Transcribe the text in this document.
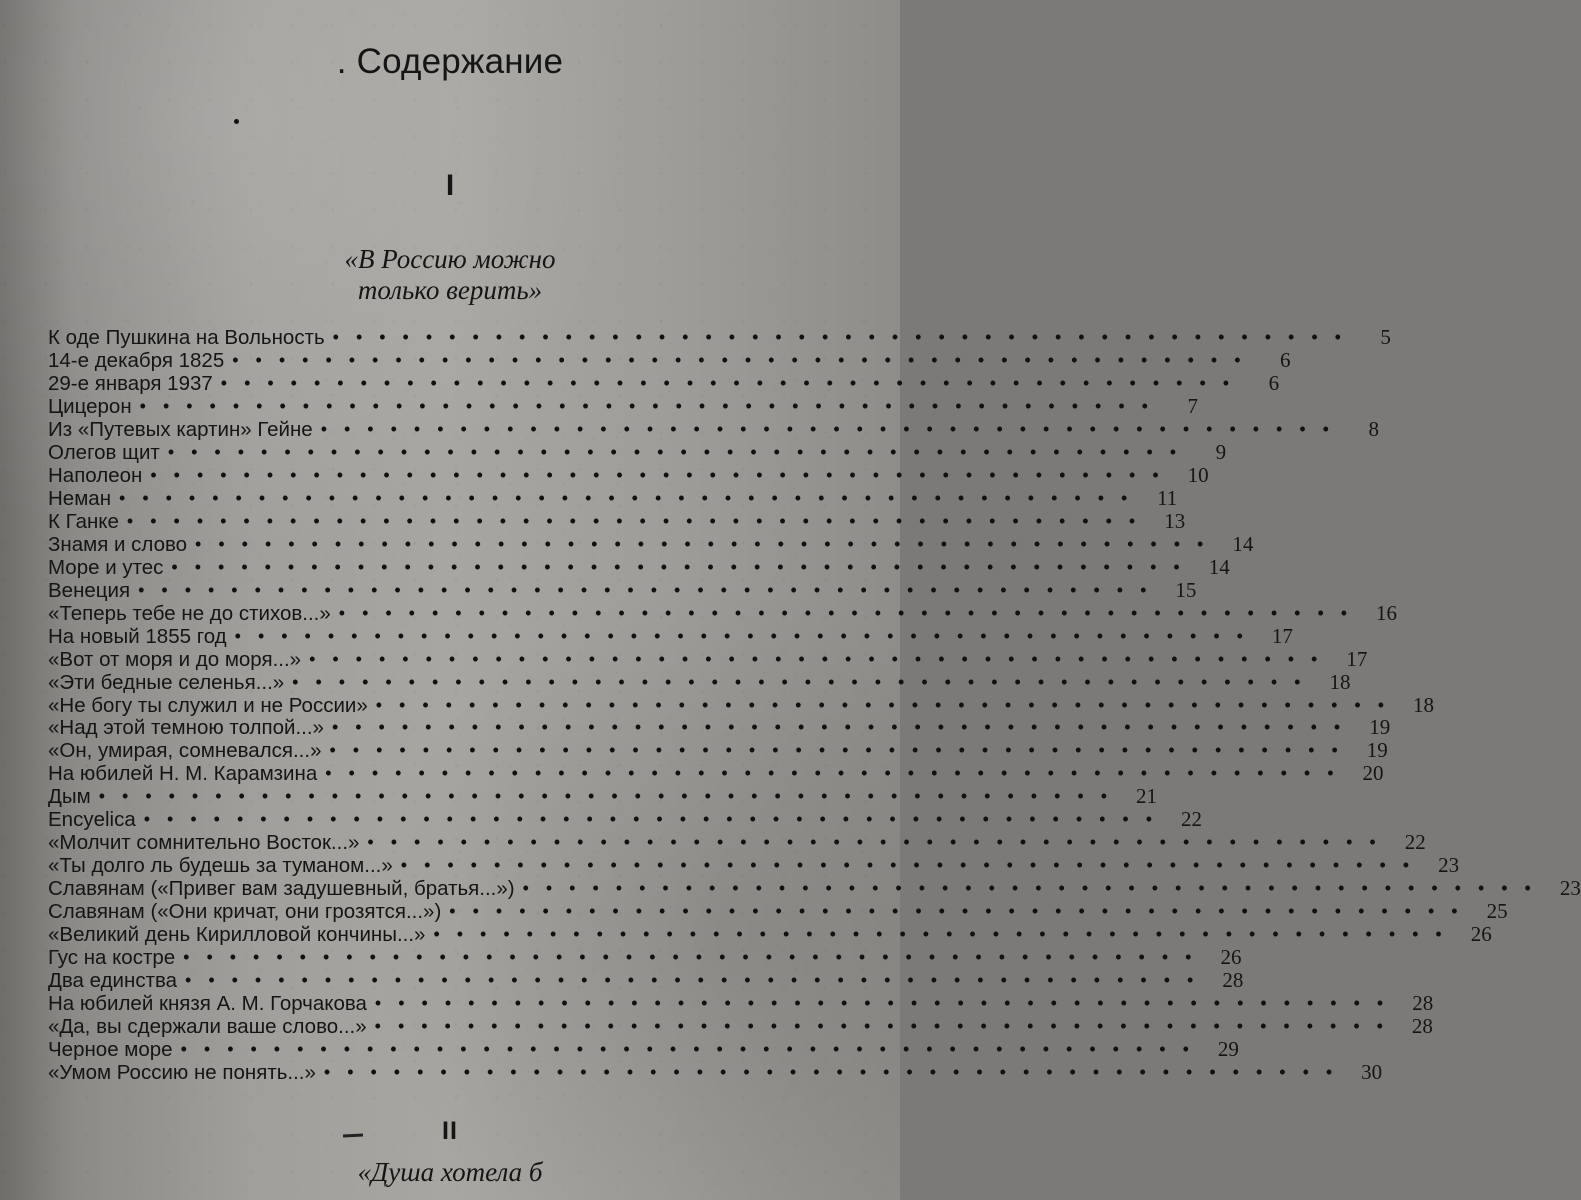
. Содержание
I
«В Россию можно
только верить»
К оде Пушкина на Вольность ••••••••••••••••••••••••••••••••••••••••••••	5
14-е декабря 1825 ••••••••••••••••••••••••••••••••••••••••••••	6
29-е января 1937 ••••••••••••••••••••••••••••••••••••••••••••	6
Цицерон ••••••••••••••••••••••••••••••••••••••••••••	7
Из «Путевых картин» Гейне ••••••••••••••••••••••••••••••••••••••••••••	8
Олегов щит ••••••••••••••••••••••••••••••••••••••••••••	9
Наполеон •••••••••••••••••••••••••••••••••••••••••••• 10
Неман •••••••••••••••••••••••••••••••••••••••••••• 11
К Ганке •••••••••••••••••••••••••••••••••••••••••••• 13
Знамя и слово •••••••••••••••••••••••••••••••••••••••••••• 14
Море и утес •••••••••••••••••••••••••••••••••••••••••••• 14
Венеция •••••••••••••••••••••••••••••••••••••••••••• 15
«Теперь тебе не до стихов...» •••••••••••••••••••••••••••••••••••••••••••• 16
На новый 1855 год •••••••••••••••••••••••••••••••••••••••••••• 17
«Вот от моря и до моря...» •••••••••••••••••••••••••••••••••••••••••••• 17
«Эти бедные селенья...» •••••••••••••••••••••••••••••••••••••••••••• 18
«Не богу ты служил и не России» •••••••••••••••••••••••••••••••••••••••••••• 18
«Над этой темною толпой...» •••••••••••••••••••••••••••••••••••••••••••• 19
«Он, умирая, сомневался...» •••••••••••••••••••••••••••••••••••••••••••• 19
На юбилей Н. М. Карамзина •••••••••••••••••••••••••••••••••••••••••••• 20
Дым •••••••••••••••••••••••••••••••••••••••••••• 21
Encyelica •••••••••••••••••••••••••••••••••••••••••••• 22
«Молчит сомнительно Восток...» •••••••••••••••••••••••••••••••••••••••••••• 22
«Ты долго ль будешь за туманом...» •••••••••••••••••••••••••••••••••••••••••••• 23
Славянам («Привег вам задушевный, братья...») •••••••••••••••••••••••••••••••••••••••••••• 23
Славянам («Они кричат, они грозятся...») •••••••••••••••••••••••••••••••••••••••••••• 25
«Великий день Кирилловой кончины...» •••••••••••••••••••••••••••••••••••••••••••• 26
Гус на костре •••••••••••••••••••••••••••••••••••••••••••• 26
Два единства •••••••••••••••••••••••••••••••••••••••••••• 28
На юбилей князя А. М. Горчакова •••••••••••••••••••••••••••••••••••••••••••• 28
«Да, вы сдержали ваше слово...» •••••••••••••••••••••••••••••••••••••••••••• 28
Черное море •••••••••••••••••••••••••••••••••••••••••••• 29
«Умом Россию не понять...» •••••••••••••••••••••••••••••••••••••••••••• 30
II
«Душа хотела б
